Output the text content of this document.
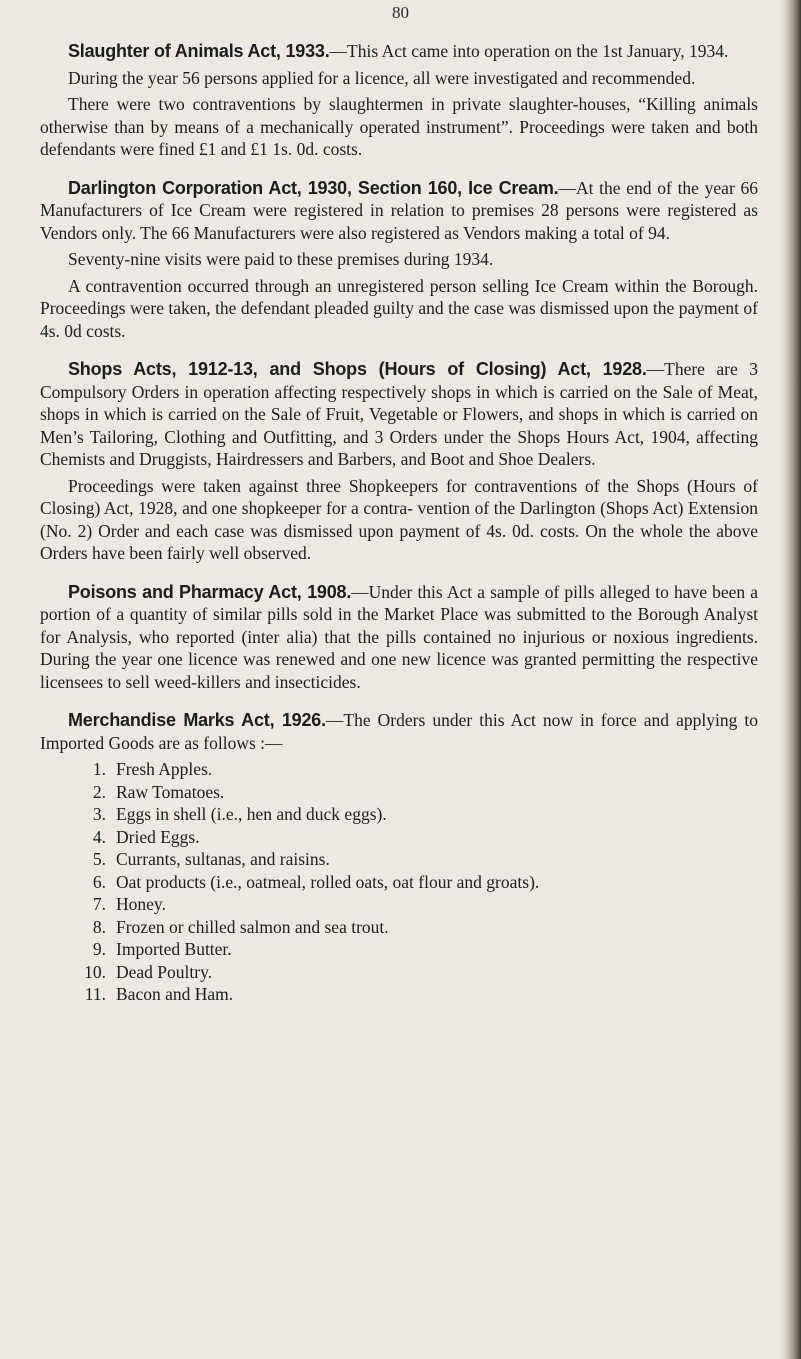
80

Slaughter of Animals Act, 1933.—This Act came into operation on the 1st January, 1934.

During the year 56 persons applied for a licence, all were investigated and recommended.

There were two contraventions by slaughtermen in private slaughter-houses, “Killing animals otherwise than by means of a mechanically operated instrument”. Proceedings were taken and both defendants were fined £1 and £1 1s. 0d. costs.

Darlington Corporation Act, 1930, Section 160, Ice Cream.—At the end of the year 66 Manufacturers of Ice Cream were registered in relation to premises 28 persons were registered as Vendors only. The 66 Manufacturers were also registered as Vendors making a total of 94.

Seventy-nine visits were paid to these premises during 1934.

A contravention occurred through an unregistered person selling Ice Cream within the Borough. Proceedings were taken, the defendant pleaded guilty and the case was dismissed upon the payment of 4s. 0d costs.

Shops Acts, 1912-13, and Shops (Hours of Closing) Act, 1928.—There are 3 Compulsory Orders in operation affecting respectively shops in which is carried on the Sale of Meat, shops in which is carried on the Sale of Fruit, Vegetable or Flowers, and shops in which is carried on Men’s Tailoring, Clothing and Outfitting, and 3 Orders under the Shops Hours Act, 1904, affecting Chemists and Druggists, Hairdressers and Barbers, and Boot and Shoe Dealers.

Proceedings were taken against three Shopkeepers for contraventions of the Shops (Hours of Closing) Act, 1928, and one shopkeeper for a contra- vention of the Darlington (Shops Act) Extension (No. 2) Order and each case was dismissed upon payment of 4s. 0d. costs. On the whole the above Orders have been fairly well observed.

Poisons and Pharmacy Act, 1908.—Under this Act a sample of pills alleged to have been a portion of a quantity of similar pills sold in the Market Place was submitted to the Borough Analyst for Analysis, who reported (inter alia) that the pills contained no injurious or noxious ingredients. During the year one licence was renewed and one new licence was granted permitting the respective licensees to sell weed-killers and insecticides.

Merchandise Marks Act, 1926.—The Orders under this Act now in force and applying to Imported Goods are as follows :—

1. Fresh Apples.
2. Raw Tomatoes.
3. Eggs in shell (i.e., hen and duck eggs).
4. Dried Eggs.
5. Currants, sultanas, and raisins.
6. Oat products (i.e., oatmeal, rolled oats, oat flour and groats).
7. Honey.
8. Frozen or chilled salmon and sea trout.
9. Imported Butter.
10. Dead Poultry.
11. Bacon and Ham.
